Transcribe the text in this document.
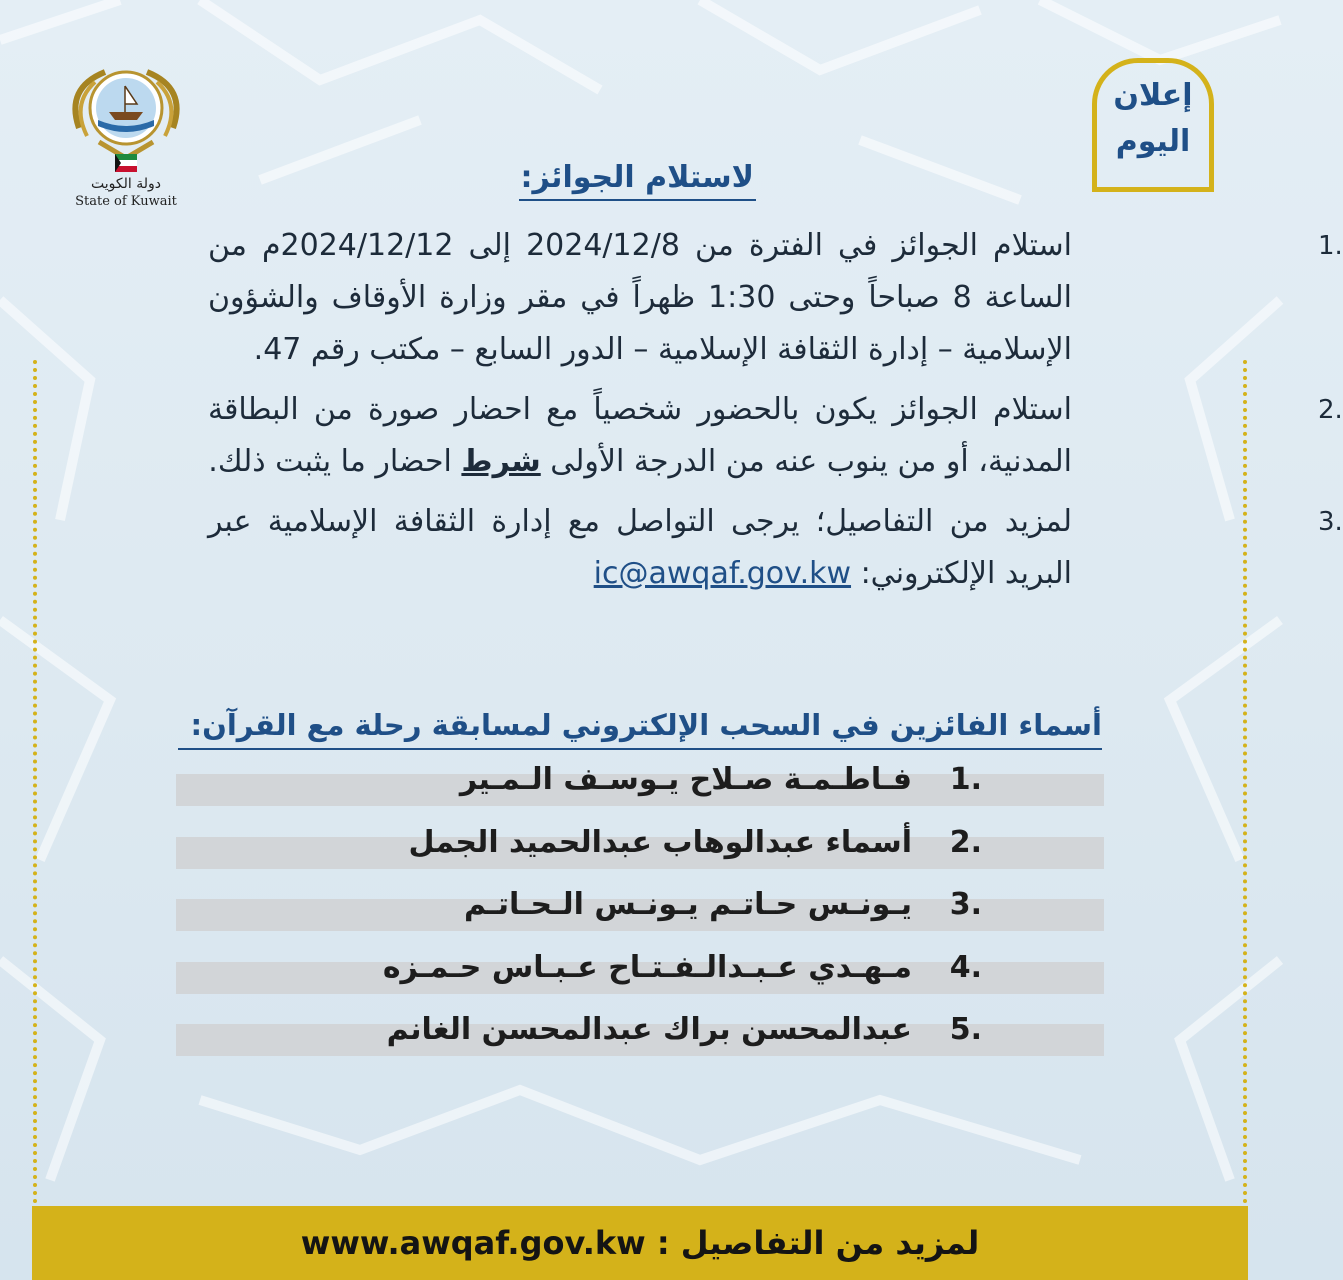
دولة الكويت
State of Kuwait
إعلان
اليوم
لاستلام الجوائز:
.1
استلام الجوائز في الفترة من 2024/12/8 إلى 2024/12/12م من الساعة 8 صباحاً وحتى 1:30 ظهراً في مقر وزارة الأوقاف والشؤون الإسلامية – إدارة الثقافة الإسلامية – الدور السابع – مكتب رقم 47.
.2
استلام الجوائز يكون بالحضور شخصياً مع احضار صورة من البطاقة المدنية، أو من ينوب عنه من الدرجة الأولى شرط احضار ما يثبت ذلك.
.3
لمزيد من التفاصيل؛ يرجى التواصل مع إدارة الثقافة الإسلامية عبر البريد الإلكتروني: ic@awqaf.gov.kw
أسماء الفائزين في السحب الإلكتروني لمسابقة رحلة مع القرآن:
.1
فـاطـمـة صـلاح يـوسـف الـمـير
.2
أسماء عبدالوهاب عبدالحميد الجمل
.3
يـونـس حـاتـم يـونـس الـحـاتـم
.4
مـهـدي عـبـدالـفـتـاح عـبـاس حـمـزه
.5
عبدالمحسن براك عبدالمحسن الغانم
لمزيد من التفاصيل : www.awqaf.gov.kw
